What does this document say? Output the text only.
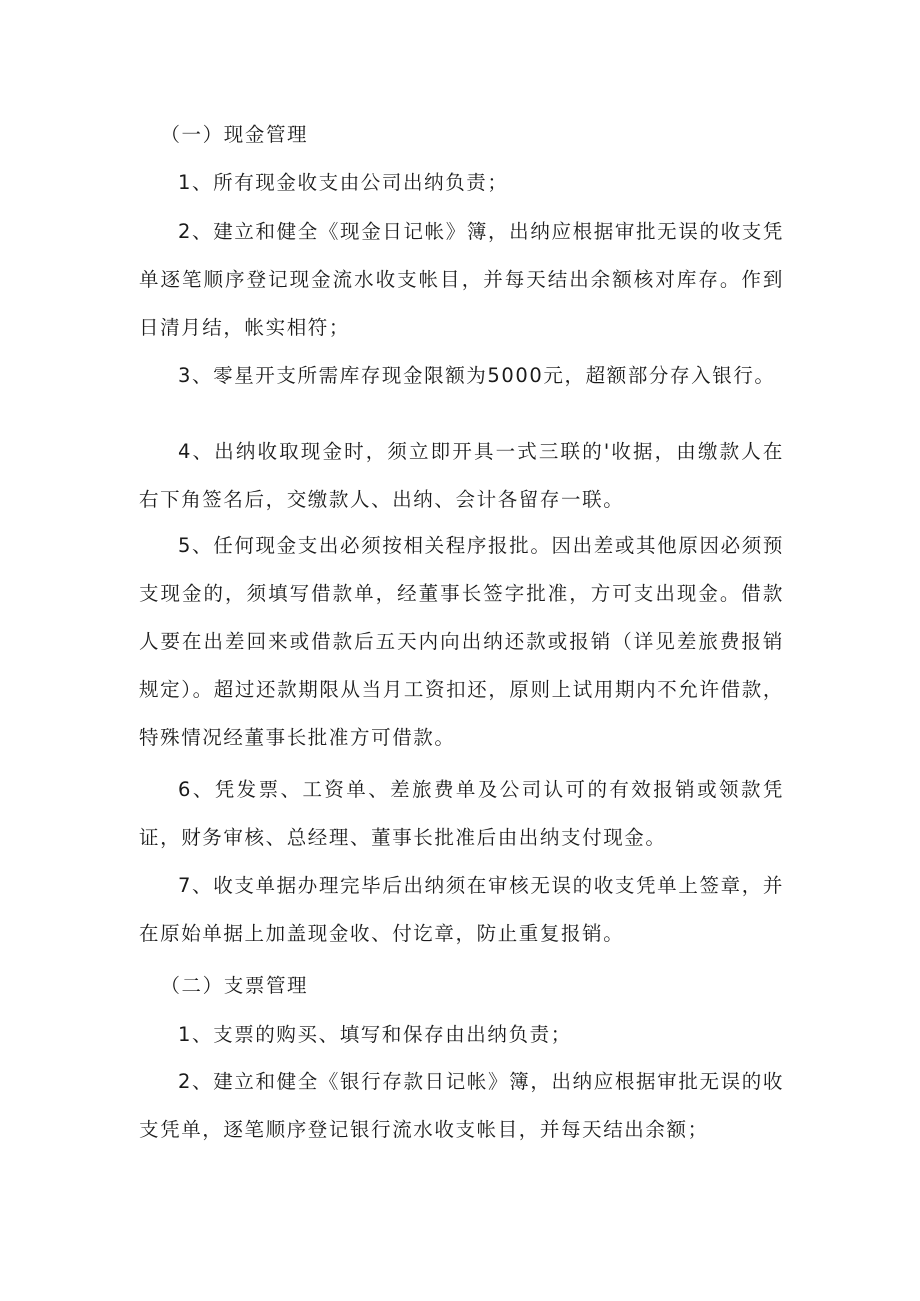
（一）现金管理

1、所有现金收支由公司出纳负责；

2、建立和健全《现金日记帐》簿，出纳应根据审批无误的收支凭单逐笔顺序登记现金流水收支帐目，并每天结出余额核对库存。作到日清月结，帐实相符；

3、零星开支所需库存现金限额为5000元，超额部分存入银行。

4、出纳收取现金时，须立即开具一式三联的'收据，由缴款人在右下角签名后，交缴款人、出纳、会计各留存一联。

5、任何现金支出必须按相关程序报批。因出差或其他原因必须预支现金的，须填写借款单，经董事长签字批准，方可支出现金。借款人要在出差回来或借款后五天内向出纳还款或报销（详见差旅费报销规定）。超过还款期限从当月工资扣还，原则上试用期内不允许借款，特殊情况经董事长批准方可借款。

6、凭发票、工资单、差旅费单及公司认可的有效报销或领款凭证，财务审核、总经理、董事长批准后由出纳支付现金。

7、收支单据办理完毕后出纳须在审核无误的收支凭单上签章，并在原始单据上加盖现金收、付讫章，防止重复报销。

（二）支票管理

1、支票的购买、填写和保存由出纳负责；

2、建立和健全《银行存款日记帐》簿，出纳应根据审批无误的收支凭单，逐笔顺序登记银行流水收支帐目，并每天结出余额；
